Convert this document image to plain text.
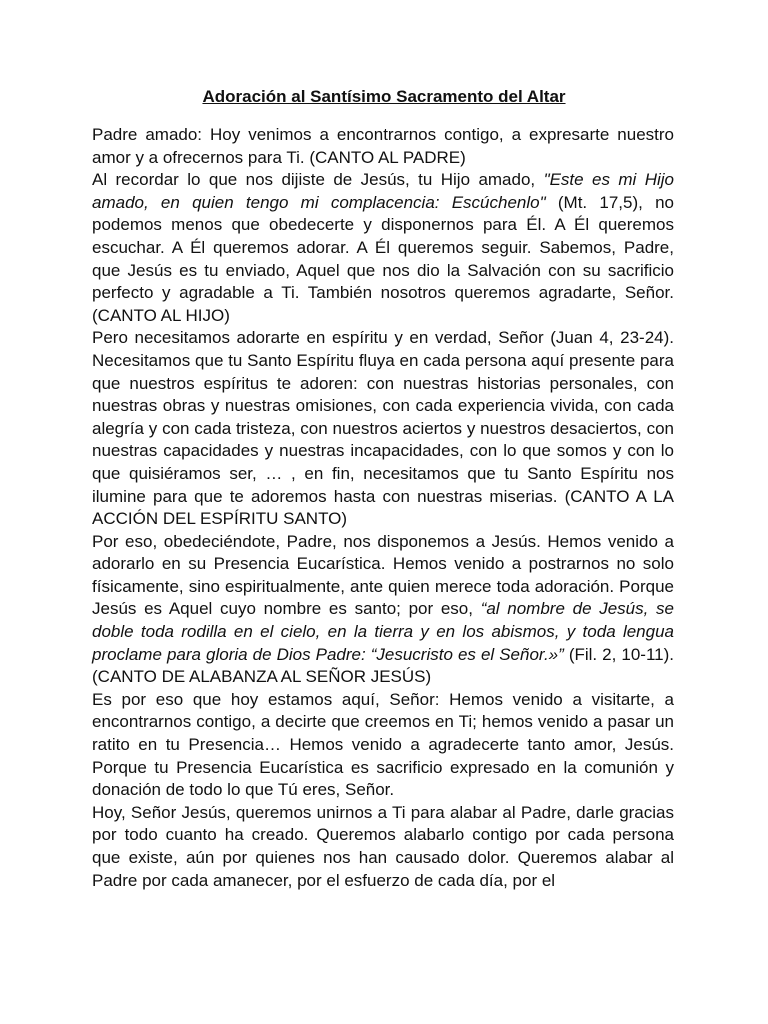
Adoración al Santísimo Sacramento del Altar

Padre amado: Hoy venimos a encontrarnos contigo, a expresarte nuestro amor y a ofrecernos para Ti. (CANTO AL PADRE)

Al recordar lo que nos dijiste de Jesús, tu Hijo amado, "Este es mi Hijo amado, en quien tengo mi complacencia: Escúchenlo" (Mt. 17,5), no podemos menos que obedecerte y disponernos para Él. A Él queremos escuchar. A Él queremos adorar. A Él queremos seguir. Sabemos, Padre, que Jesús es tu enviado, Aquel que nos dio la Salvación con su sacrificio perfecto y agradable a Ti. También nosotros queremos agradarte, Señor. (CANTO AL HIJO)

Pero necesitamos adorarte en espíritu y en verdad, Señor (Juan 4, 23-24). Necesitamos que tu Santo Espíritu fluya en cada persona aquí presente para que nuestros espíritus te adoren: con nuestras historias personales, con nuestras obras y nuestras omisiones, con cada experiencia vivida, con cada alegría y con cada tristeza, con nuestros aciertos y nuestros desaciertos, con nuestras capacidades y nuestras incapacidades, con lo que somos y con lo que quisiéramos ser, … , en fin, necesitamos que tu Santo Espíritu nos ilumine para que te adoremos hasta con nuestras miserias. (CANTO A LA ACCIÓN DEL ESPÍRITU SANTO)

Por eso, obedeciéndote, Padre, nos disponemos a Jesús. Hemos venido a adorarlo en su Presencia Eucarística. Hemos venido a postrarnos no solo físicamente, sino espiritualmente, ante quien merece toda adoración. Porque Jesús es Aquel cuyo nombre es santo; por eso, “al nombre de Jesús, se doble toda rodilla en el cielo, en la tierra y en los abismos, y toda lengua proclame para gloria de Dios Padre: “Jesucristo es el Señor.»” (Fil. 2, 10-11). (CANTO DE ALABANZA AL SEÑOR JESÚS)

Es por eso que hoy estamos aquí, Señor: Hemos venido a visitarte, a encontrarnos contigo, a decirte que creemos en Ti; hemos venido a pasar un ratito en tu Presencia… Hemos venido a agradecerte tanto amor, Jesús. Porque tu Presencia Eucarística es sacrificio expresado en la comunión y donación de todo lo que Tú eres, Señor.

Hoy, Señor Jesús, queremos unirnos a Ti para alabar al Padre, darle gracias por todo cuanto ha creado. Queremos alabarlo contigo por cada persona que existe, aún por quienes nos han causado dolor. Queremos alabar al Padre por cada amanecer, por el esfuerzo de cada día, por el
